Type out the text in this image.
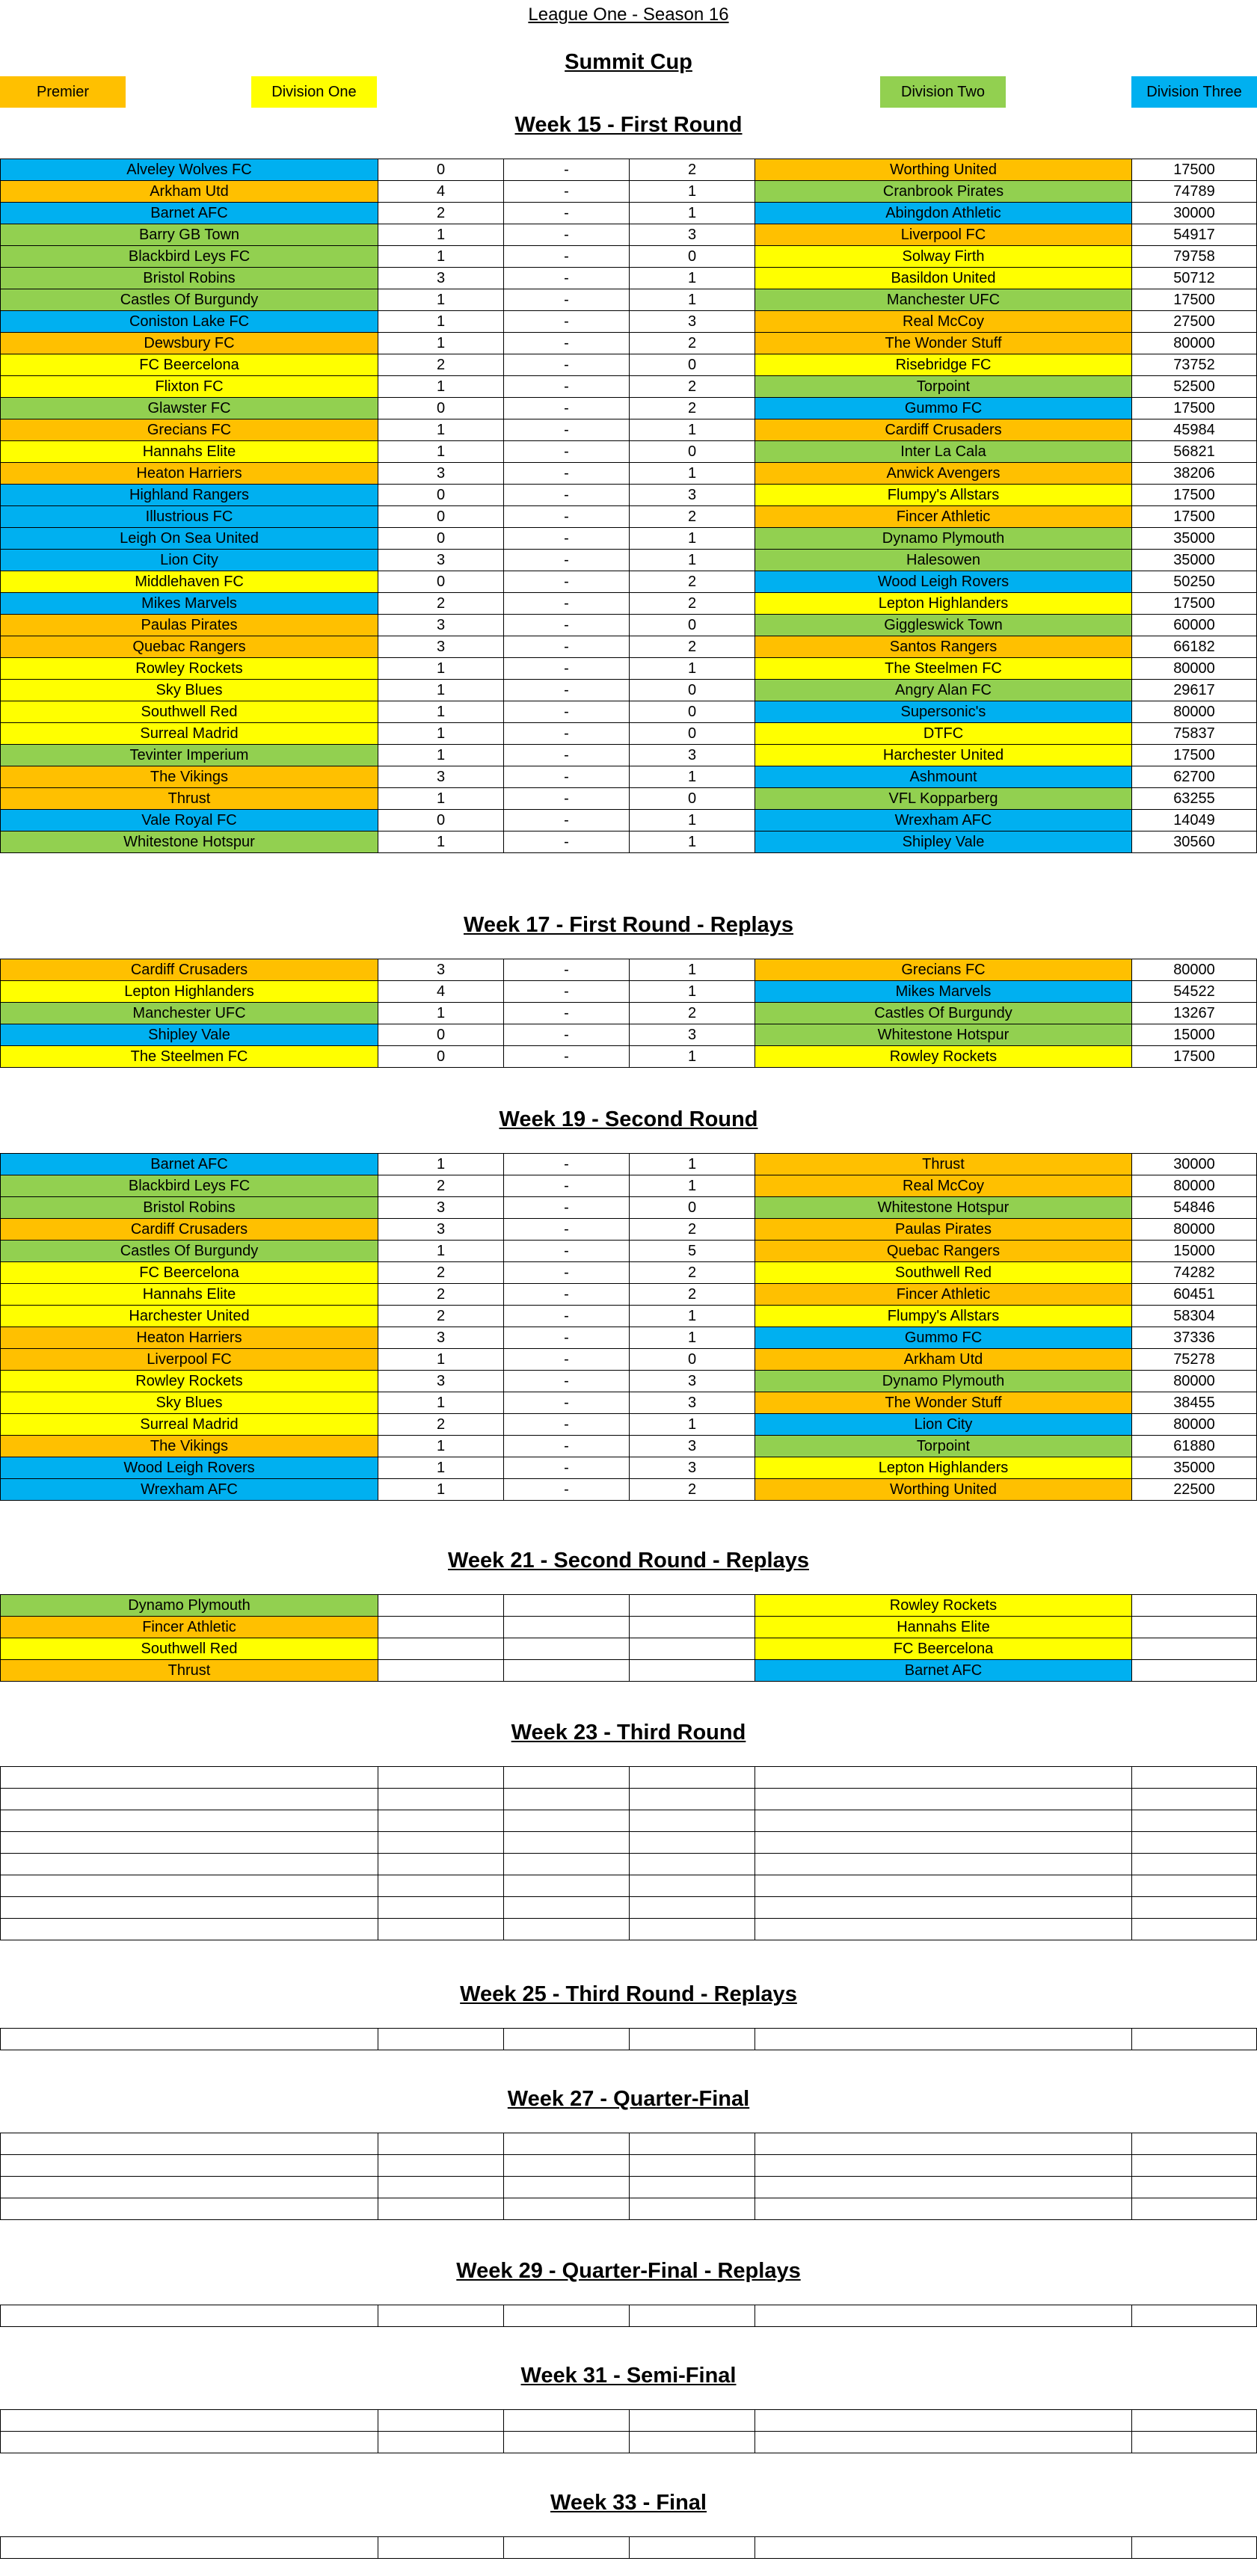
League One - Season 16
Summit Cup
Premier	Division One	Division Two	Division Three
Week 15 - First Round
Week 17 - First Round - Replays
Week 19 - Second Round
Week 21 - Second Round - Replays
Week 23 - Third Round
Week 25 - Third Round - Replays
Week 27 - Quarter-Final
Week 29 - Quarter-Final - Replays
Week 31 - Semi-Final
Week 33 - Final
Alveley Wolves FC	0	-	2	Worthing United	17500
Arkham Utd	4	-	1	Cranbrook Pirates	74789
Barnet AFC	2	-	1	Abingdon Athletic	30000
Barry GB Town	1	-	3	Liverpool FC	54917
Blackbird Leys FC	1	-	0	Solway Firth	79758
Bristol Robins	3	-	1	Basildon United	50712
Castles Of Burgundy	1	-	1	Manchester UFC	17500
Coniston Lake FC	1	-	3	Real McCoy	27500
Dewsbury FC	1	-	2	The Wonder Stuff	80000
FC Beercelona	2	-	0	Risebridge FC	73752
Flixton FC	1	-	2	Torpoint	52500
Glawster FC	0	-	2	Gummo FC	17500
Grecians FC	1	-	1	Cardiff Crusaders	45984
Hannahs Elite	1	-	0	Inter La Cala	56821
Heaton Harriers	3	-	1	Anwick Avengers	38206
Highland Rangers	0	-	3	Flumpy's Allstars	17500
Illustrious FC	0	-	2	Fincer Athletic	17500
Leigh On Sea United	0	-	1	Dynamo Plymouth	35000
Lion City	3	-	1	Halesowen	35000
Middlehaven FC	0	-	2	Wood Leigh Rovers	50250
Mikes Marvels	2	-	2	Lepton Highlanders	17500
Paulas Pirates	3	-	0	Giggleswick Town	60000
Quebac Rangers	3	-	2	Santos Rangers	66182
Rowley Rockets	1	-	1	The Steelmen FC	80000
Sky Blues	1	-	0	Angry Alan FC	29617
Southwell Red	1	-	0	Supersonic's	80000
Surreal Madrid	1	-	0	DTFC	75837
Tevinter Imperium	1	-	3	Harchester United	17500
The Vikings	3	-	1	Ashmount	62700
Thrust	1	-	0	VFL Kopparberg	63255
Vale Royal FC	0	-	1	Wrexham AFC	14049
Whitestone Hotspur	1	-	1	Shipley Vale	30560
Cardiff Crusaders	3	-	1	Grecians FC	80000
Lepton Highlanders	4	-	1	Mikes Marvels	54522
Manchester UFC	1	-	2	Castles Of Burgundy	13267
Shipley Vale	0	-	3	Whitestone Hotspur	15000
The Steelmen FC	0	-	1	Rowley Rockets	17500
Barnet AFC	1	-	1	Thrust	30000
Blackbird Leys FC	2	-	1	Real McCoy	80000
Bristol Robins	3	-	0	Whitestone Hotspur	54846
Cardiff Crusaders	3	-	2	Paulas Pirates	80000
Castles Of Burgundy	1	-	5	Quebac Rangers	15000
FC Beercelona	2	-	2	Southwell Red	74282
Hannahs Elite	2	-	2	Fincer Athletic	60451
Harchester United	2	-	1	Flumpy's Allstars	58304
Heaton Harriers	3	-	1	Gummo FC	37336
Liverpool FC	1	-	0	Arkham Utd	75278
Rowley Rockets	3	-	3	Dynamo Plymouth	80000
Sky Blues	1	-	3	The Wonder Stuff	38455
Surreal Madrid	2	-	1	Lion City	80000
The Vikings	1	-	3	Torpoint	61880
Wood Leigh Rovers	1	-	3	Lepton Highlanders	35000
Wrexham AFC	1	-	2	Worthing United	22500
Dynamo Plymouth	Rowley Rockets
Fincer Athletic	Hannahs Elite
Southwell Red	FC Beercelona
Thrust	Barnet AFC
